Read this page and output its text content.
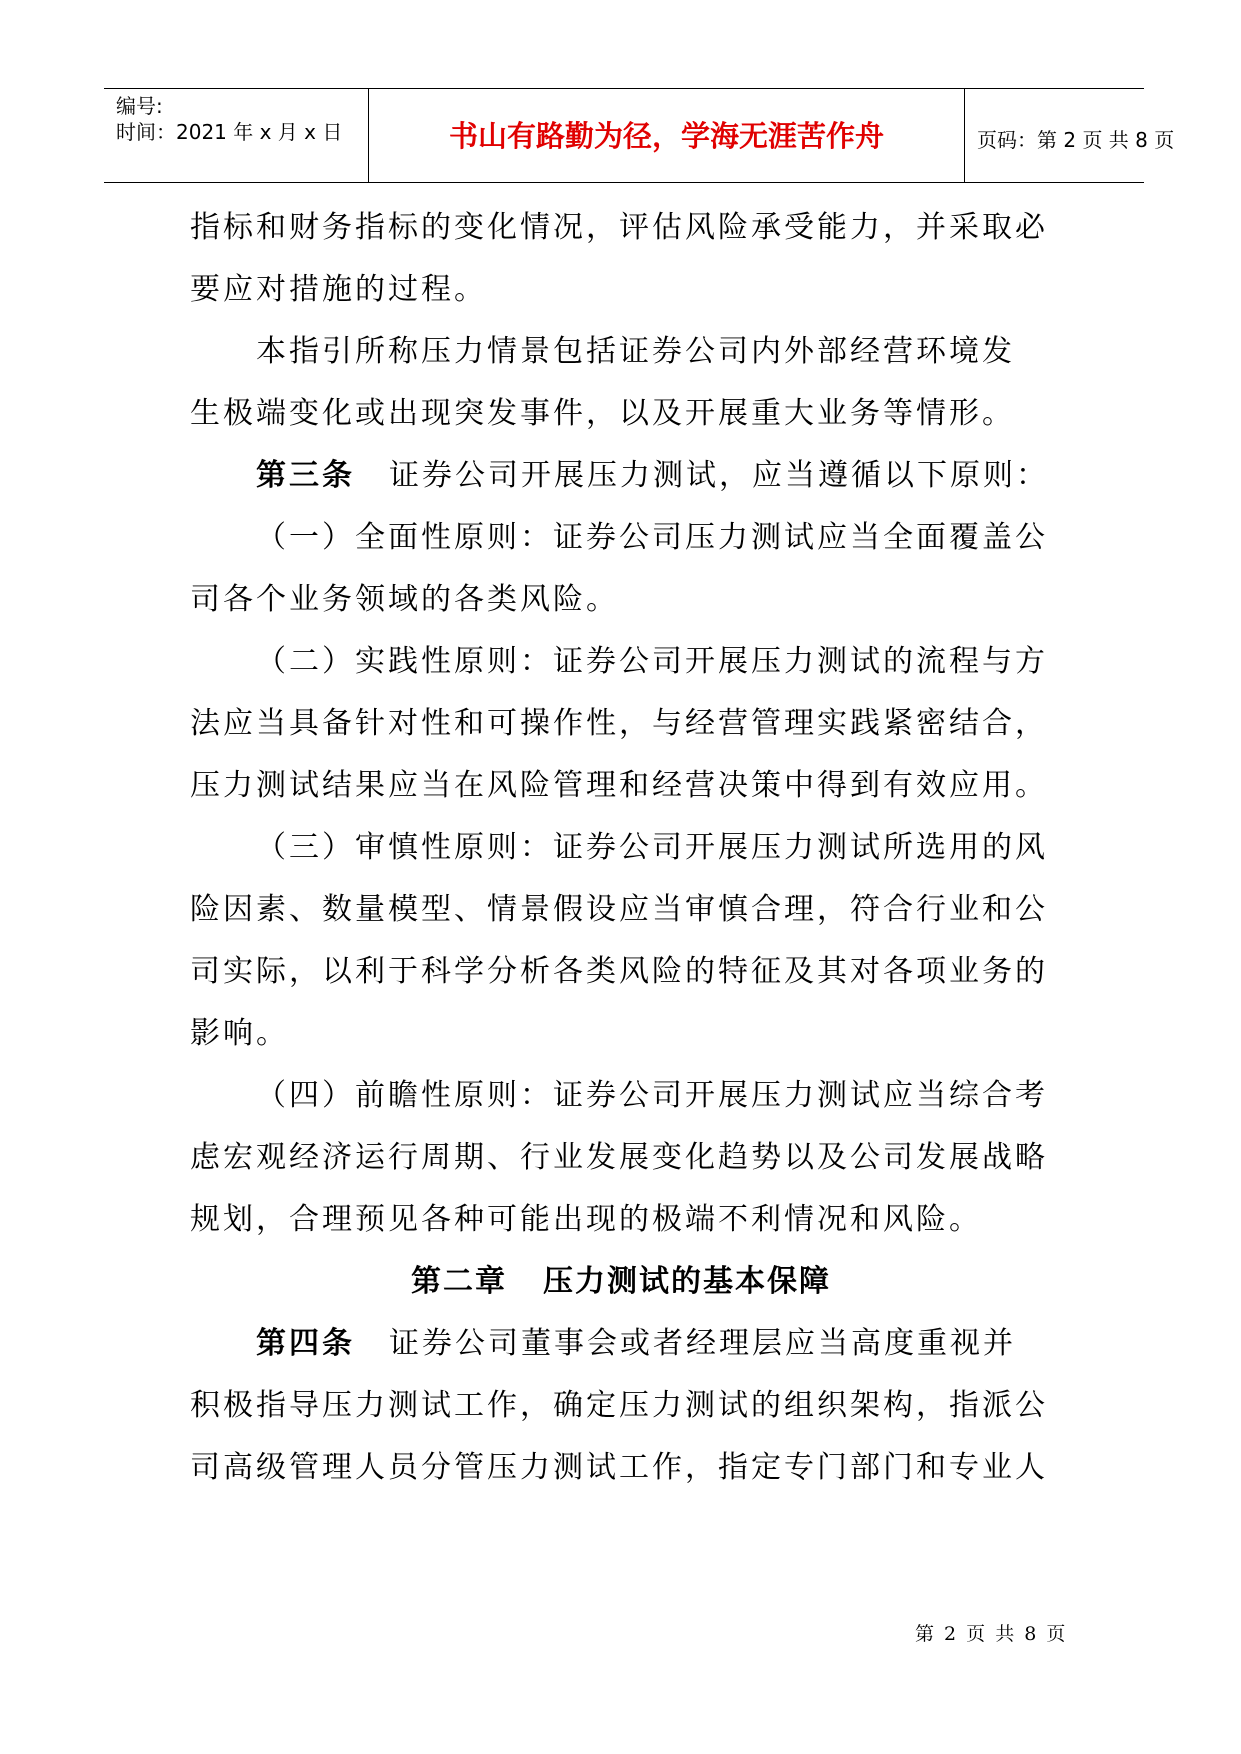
编号:
时间：2021 年 x 月 x 日	书山有路勤为径，学海无涯苦作舟	页码：第 2 页 共 8 页

指标和财务指标的变化情况，评估风险承受能力，并采取必

要应对措施的过程。

本指引所称压力情景包括证券公司内外部经营环境发

生极端变化或出现突发事件，以及开展重大业务等情形。

第三条 证券公司开展压力测试，应当遵循以下原则：

（一）全面性原则：证券公司压力测试应当全面覆盖公

司各个业务领域的各类风险。

（二）实践性原则：证券公司开展压力测试的流程与方

法应当具备针对性和可操作性，与经营管理实践紧密结合，

压力测试结果应当在风险管理和经营决策中得到有效应用。

（三）审慎性原则：证券公司开展压力测试所选用的风

险因素、数量模型、情景假设应当审慎合理，符合行业和公

司实际，以利于科学分析各类风险的特征及其对各项业务的

影响。

（四）前瞻性原则：证券公司开展压力测试应当综合考

虑宏观经济运行周期、行业发展变化趋势以及公司发展战略

规划，合理预见各种可能出现的极端不利情况和风险。

第二章 压力测试的基本保障

第四条 证券公司董事会或者经理层应当高度重视并

积极指导压力测试工作，确定压力测试的组织架构，指派公

司高级管理人员分管压力测试工作，指定专门部门和专业人

第 2 页 共 8 页
